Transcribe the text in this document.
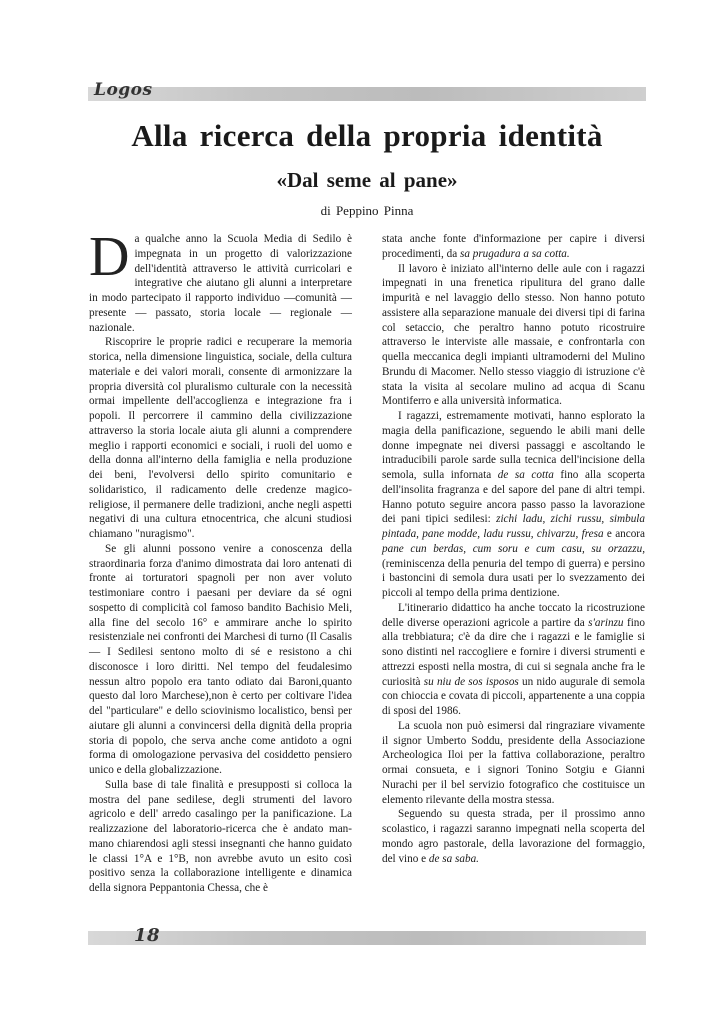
Logos
Alla ricerca della propria identità
«Dal seme al pane»

di Peppino Pinna

Da qualche anno la Scuola Media di Sedilo è impegnata in un progetto di valorizzazione dell'identità attraverso le attività curricolari e integrative che aiutano gli alunni a interpretare in modo partecipato il rapporto individuo —comunità — presente — passato, storia locale — regionale — nazionale.

Riscoprire le proprie radici e recuperare la memoria storica, nella dimensione linguistica, sociale, della cultura materiale e dei valori morali, consente di armonizzare la propria diversità col pluralismo culturale con la necessità ormai impellente dell'accoglienza e integrazione fra i popoli. Il percorrere il cammino della civilizzazione attraverso la storia locale aiuta gli alunni a comprendere meglio i rapporti economici e sociali, i ruoli del uomo e della donna all'interno della famiglia e nella produzione dei beni, l'evolversi dello spirito comunitario e solidaristico, il radicamento delle credenze magico-religiose, il permanere delle tradizioni, anche negli aspetti negativi di una cultura etnocentrica, che alcuni studiosi chiamano "nuragismo".

Se gli alunni possono venire a conoscenza della straordinaria forza d'animo dimostrata dai loro antenati di fronte ai torturatori spagnoli per non aver voluto testimoniare contro i paesani per deviare da sé ogni sospetto di complicità col famoso bandito Bachisio Meli, alla fine del secolo 16° e ammirare anche lo spirito resistenziale nei confronti dei Marchesi di turno (Il Casalis — I Sedilesi sentono molto di sé e resistono a chi disconosce i loro diritti. Nel tempo del feudalesimo nessun altro popolo era tanto odiato dai Baroni,quanto questo dal loro Marchese),non è certo per coltivare l'idea del "particulare" e dello sciovinismo localistico, bensì per aiutare gli alunni a convincersi della dignità della propria storia di popolo, che serva anche come antidoto a ogni forma di omologazione pervasiva del cosiddetto pensiero unico e della globalizzazione.

Sulla base di tale finalità e presupposti si colloca la mostra del pane sedilese, degli strumenti del lavoro agricolo e dell' arredo casalingo per la panificazione. La realizzazione del laboratorio-ricerca che è andato man-mano chiarendosi agli stessi insegnanti che hanno guidato le classi 1°A e 1°B, non avrebbe avuto un esito così positivo senza la collaborazione intelligente e dinamica della signora Peppantonia Chessa, che è

stata anche fonte d'informazione per capire i diversi procedimenti, da sa prugadura a sa cotta.

Il lavoro è iniziato all'interno delle aule con i ragazzi impegnati in una frenetica ripulitura del grano dalle impurità e nel lavaggio dello stesso. Non hanno potuto assistere alla separazione manuale dei diversi tipi di farina col setaccio, che peraltro hanno potuto ricostruire attraverso le interviste alle massaie, e confrontarla con quella meccanica degli impianti ultramoderni del Mulino Brundu di Macomer. Nello stesso viaggio di istruzione c'è stata la visita al secolare mulino ad acqua di Scanu Montiferro e alla università informatica.

I ragazzi, estremamente motivati, hanno esplorato la magia della panificazione, seguendo le abili mani delle donne impegnate nei diversi passaggi e ascoltando le intraducibili parole sarde sulla tecnica dell'incisione della semola, sulla infornata de sa cotta fino alla scoperta dell'insolita fragranza e del sapore del pane di altri tempi. Hanno potuto seguire ancora passo passo la lavorazione dei pani tipici sedilesi: zichi ladu, zichi russu, simbula pintada, pane modde, ladu russu, chivarzu, fresa e ancora pane cun berdas, cum soru e cum casu, su orzazzu, (reminiscenza della penuria del tempo di guerra) e persino i bastoncini di semola dura usati per lo svezzamento dei piccoli al tempo della prima dentizione.

L'itinerario didattico ha anche toccato la ricostruzione delle diverse operazioni agricole a partire da s'arinzu fino alla trebbiatura; c'è da dire che i ragazzi e le famiglie si sono distinti nel raccogliere e fornire i diversi strumenti e attrezzi esposti nella mostra, di cui si segnala anche fra le curiosità su niu de sos isposos un nido augurale di semola con chioccia e covata di piccoli, appartenente a una coppia di sposi del 1986.

La scuola non può esimersi dal ringraziare vivamente il signor Umberto Soddu, presidente della Associazione Archeologica Iloi per la fattiva collaborazione, peraltro ormai consueta, e i signori Tonino Sotgiu e Gianni Nurachi per il bel servizio fotografico che costituisce un elemento rilevante della mostra stessa.

Seguendo su questa strada, per il prossimo anno scolastico, i ragazzi saranno impegnati nella scoperta del mondo agro pastorale, della lavorazione del formaggio, del vino e de sa saba.

18
